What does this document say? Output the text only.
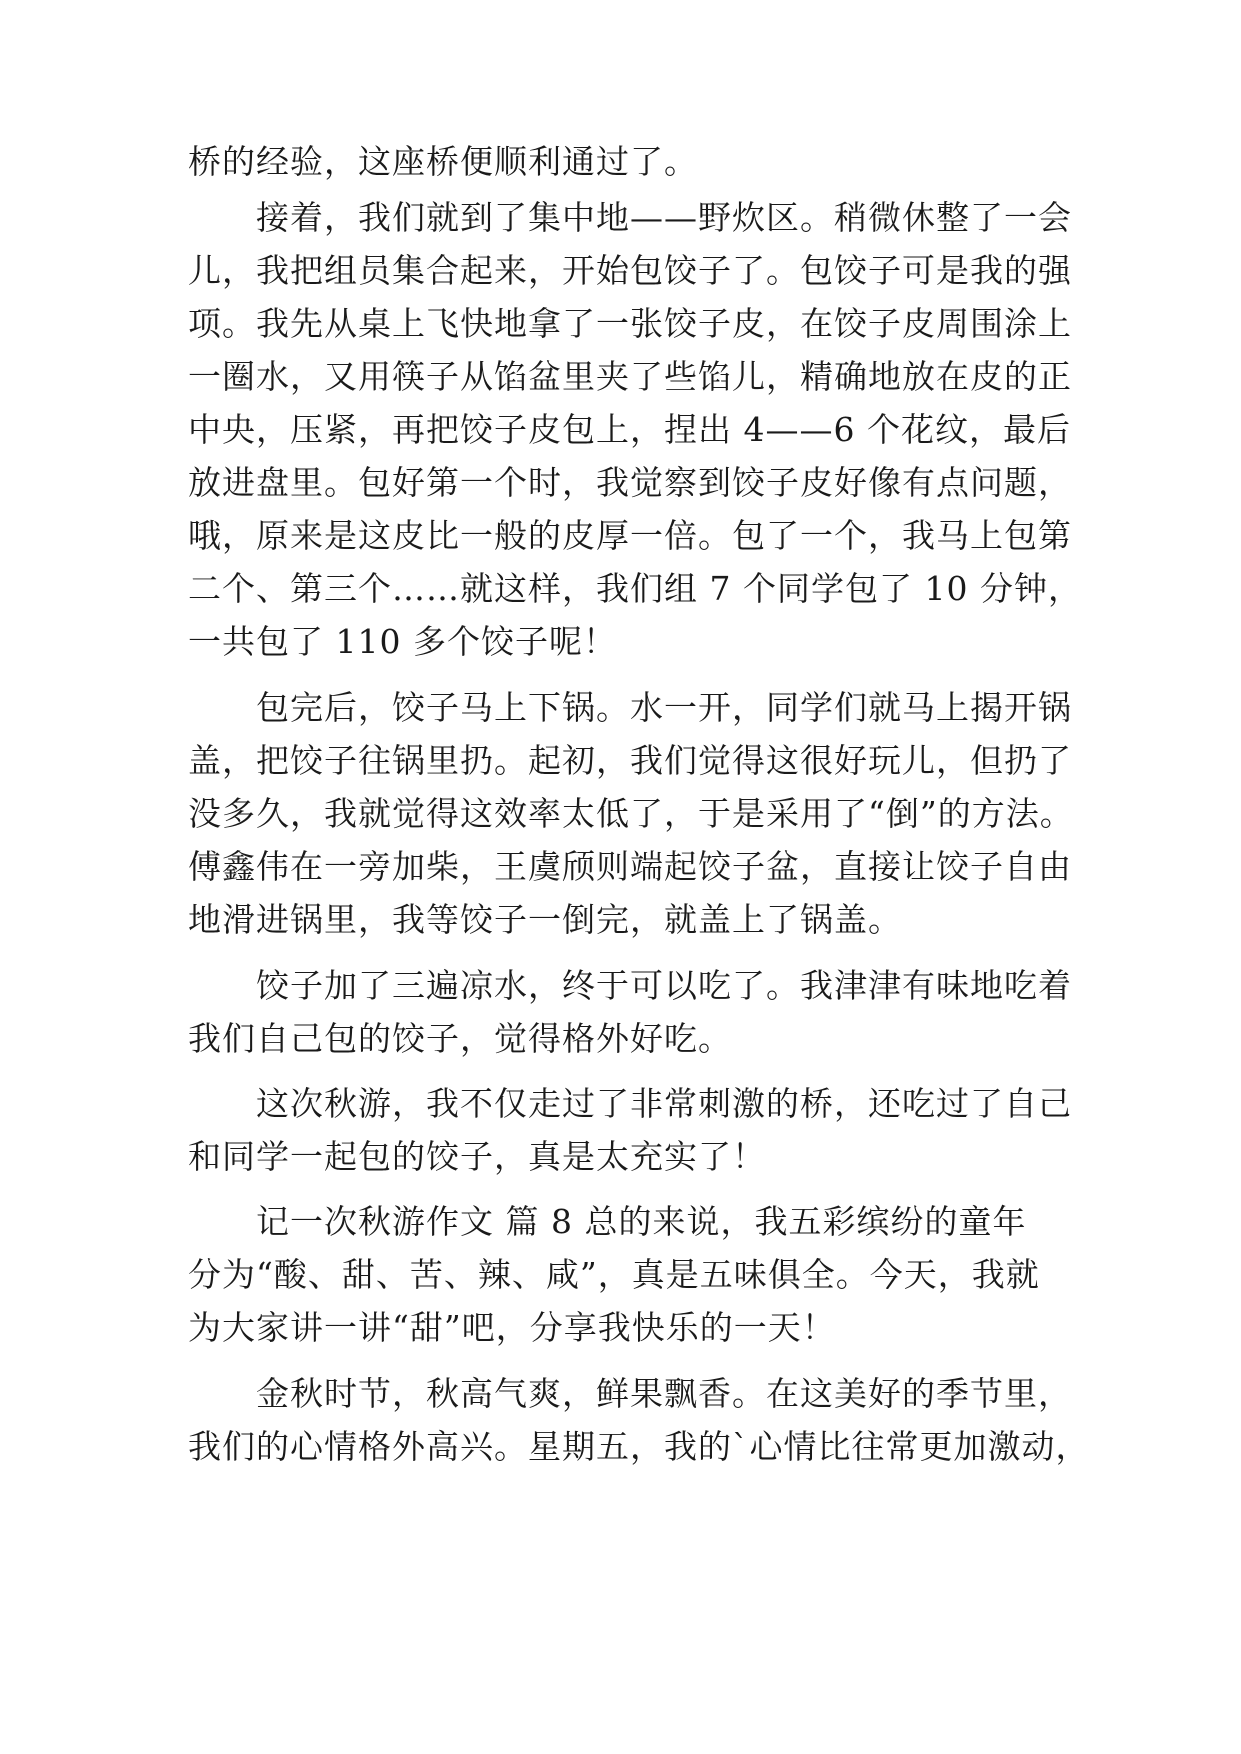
桥的经验，这座桥便顺利通过了。
接着，我们就到了集中地——野炊区。稍微休整了一会
儿，我把组员集合起来，开始包饺子了。包饺子可是我的强
项。我先从桌上飞快地拿了一张饺子皮，在饺子皮周围涂上
一圈水，又用筷子从馅盆里夹了些馅儿，精确地放在皮的正
中央，压紧，再把饺子皮包上，捏出 4——6 个花纹，最后
放进盘里。包好第一个时，我觉察到饺子皮好像有点问题，
哦，原来是这皮比一般的皮厚一倍。包了一个，我马上包第
二个、第三个……就这样，我们组 7 个同学包了 10 分钟，
一共包了 110 多个饺子呢！
包完后，饺子马上下锅。水一开，同学们就马上揭开锅
盖，把饺子往锅里扔。起初，我们觉得这很好玩儿，但扔了
没多久，我就觉得这效率太低了，于是采用了“倒”的方法。
傅鑫伟在一旁加柴，王虞颀则端起饺子盆，直接让饺子自由
地滑进锅里，我等饺子一倒完，就盖上了锅盖。
饺子加了三遍凉水，终于可以吃了。我津津有味地吃着
我们自己包的饺子，觉得格外好吃。
这次秋游，我不仅走过了非常刺激的桥，还吃过了自己
和同学一起包的饺子，真是太充实了！
记一次秋游作文 篇 8 总的来说，我五彩缤纷的童年
分为“酸、甜、苦、辣、咸”，真是五味俱全。今天，我就
为大家讲一讲“甜”吧，分享我快乐的一天！
金秋时节，秋高气爽，鲜果飘香。在这美好的季节里，
我们的心情格外高兴。星期五，我的`心情比往常更加激动，
